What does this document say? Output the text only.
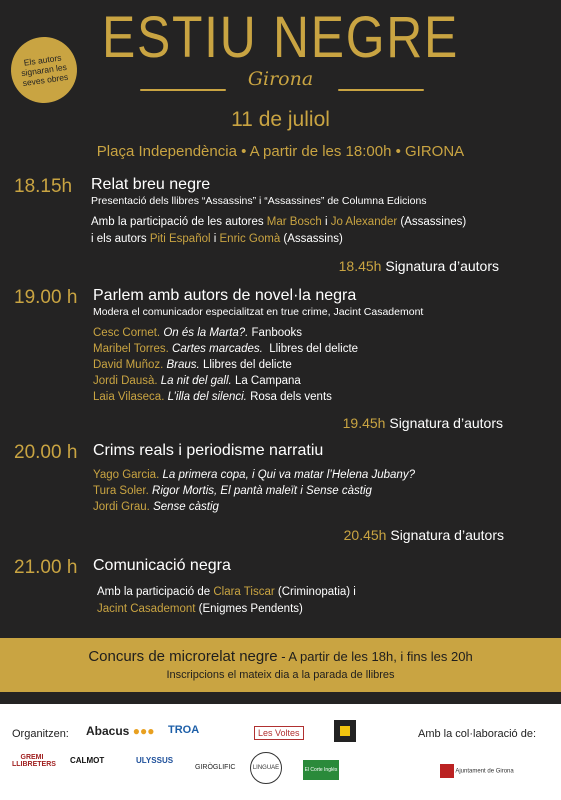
Els autors signaran les seves obres
ESTIU NEGRE
Girona
11 de juliol
Plaça Independència • A partir de les 18:00h • GIRONA
18.15h Relat breu negre
Presentació dels llibres “Assassins” i “Assassines” de Columna Edicions
Amb la participació de les autores Mar Bosch i Jo Alexander (Assassines)
i els autors Piti Español i Enric Gomà (Assassins)
18.45h Signatura d’autors
19.00 h Parlem amb autors de novel·la negra
Modera el comunicador especialitzat en true crime, Jacint Casademont
Cesc Cornet. On és la Marta?. Fanbooks
Maribel Torres. Cartes marcades. Llibres del delicte
David Muñoz. Braus. Llibres del delicte
Jordi Dausà. La nit del gall. La Campana
Laia Vilaseca. L’illa del silenci. Rosa dels vents
19.45h Signatura d’autors
20.00 h Crims reals i periodisme narratiu
Yago Garcia. La primera copa, i Qui va matar l’Helena Jubany?
Tura Soler. Rigor Mortis, El pantà maleït i Sense càstig
Jordi Grau. Sense càstig
20.45h Signatura d’autors
21.00 h Comunicació negra
Amb la participació de Clara Tiscar (Criminopatia) i
Jacint Casademont (Enigmes Pendents)
Concurs de microrelat negre - A partir de les 18h, i fins les 20h
Inscripcions el mateix dia a la parada de llibres
Organitzen:	Amb la col·laboració de:
Abacus ●●● TROA	Les Voltes
GREMI LLIBRETERS CALMOT	ULYSSUS
GIRÒGLIFIC	LINGUAE	El Corte Inglés	Ajuntament de Girona
